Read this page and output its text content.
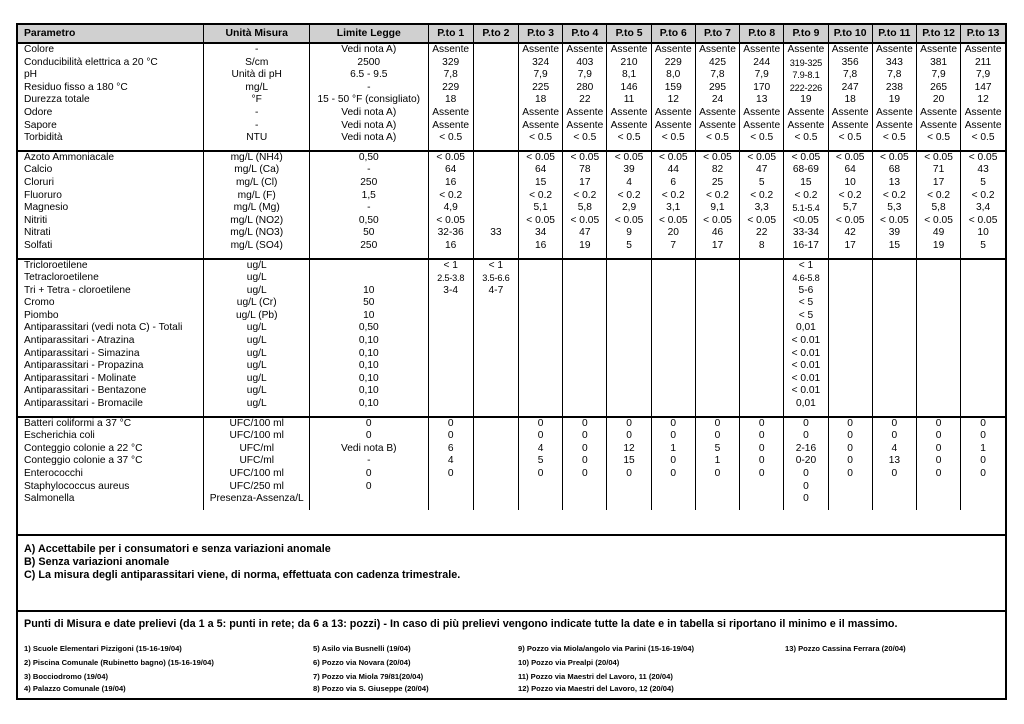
Parametro	Unità Misura	Limite Legge	P.to 1	P.to 2	P.to 3	P.to 4	P.to 5	P.to 6	P.to 7	P.to 8	P.to 9	P.to 10	P.to 11	P.to 12	P.to 13
Colore	-	Vedi nota A)	Assente		Assente	Assente	Assente	Assente	Assente	Assente	Assente	Assente	Assente	Assente	Assente
Conducibilità elettrica a 20 °C	S/cm	2500	329		324	403	210	229	425	244	319-325	356	343	381	211
pH	Unità di pH	6.5 - 9.5	7,8		7,9	7,9	8,1	8,0	7,8	7,9	7.9-8.1	7,8	7,8	7,9	7,9
Residuo fisso a 180 °C	mg/L	-	229		225	280	146	159	295	170	222-226	247	238	265	147
Durezza totale	°F	15 - 50 °F (consigliato)	18		18	22	11	12	24	13	19	18	19	20	12
Odore	-	Vedi nota A)	Assente		Assente	Assente	Assente	Assente	Assente	Assente	Assente	Assente	Assente	Assente	Assente
Sapore	-	Vedi nota A)	Assente		Assente	Assente	Assente	Assente	Assente	Assente	Assente	Assente	Assente	Assente	Assente
Torbidità	NTU	Vedi nota A)	< 0.5		< 0.5	< 0.5	< 0.5	< 0.5	< 0.5	< 0.5	< 0.5	< 0.5	< 0.5	< 0.5	< 0.5

Azoto Ammoniacale	mg/L (NH4)	0,50	< 0.05		< 0.05	< 0.05	< 0.05	< 0.05	< 0.05	< 0.05	< 0.05	< 0.05	< 0.05	< 0.05	< 0.05
Calcio	mg/L (Ca)	-	64		64	78	39	44	82	47	68-69	64	68	71	43
Cloruri	mg/L (Cl)	250	16		15	17	4	6	25	5	15	10	13	17	5
Fluoruro	mg/L (F)	1,5	< 0.2		< 0.2	< 0.2	< 0.2	< 0.2	< 0.2	< 0.2	< 0.2	< 0.2	< 0.2	< 0.2	< 0.2
Magnesio	mg/L (Mg)	-	4,9		5,1	5,8	2,9	3,1	9,1	3,3	5.1-5.4	5,7	5,3	5,8	3,4
Nitriti	mg/L (NO2)	0,50	< 0.05		< 0.05	< 0.05	< 0.05	< 0.05	< 0.05	< 0.05	<0.05	< 0.05	< 0.05	< 0.05	< 0.05
Nitrati	mg/L (NO3)	50	32-36	33	34	47	9	20	46	22	33-34	42	39	49	10
Solfati	mg/L (SO4)	250	16		16	19	5	7	17	8	16-17	17	15	19	5

Tricloroetilene	ug/L		< 1	< 1							< 1				
Tetracloroetilene	ug/L		2.5-3.8	3.5-6.6							4.6-5.8				
Tri + Tetra - cloroetilene	ug/L	10	3-4	4-7							5-6				
Cromo	ug/L (Cr)	50									< 5				
Piombo	ug/L (Pb)	10									< 5				
Antiparassitari (vedi nota C) - Totali	ug/L	0,50									0,01				
Antiparassitari - Atrazina	ug/L	0,10									< 0.01				
Antiparassitari - Simazina	ug/L	0,10									< 0.01				
Antiparassitari - Propazina	ug/L	0,10									< 0.01				
Antiparassitari - Molinate	ug/L	0,10									< 0.01				
Antiparassitari - Bentazone	ug/L	0,10									< 0.01				
Antiparassitari - Bromacile	ug/L	0,10									0,01				

Batteri coliformi a 37 °C	UFC/100 ml	0	0		0	0	0	0	0	0	0	0	0	0	0
Escherichia coli	UFC/100 ml	0	0		0	0	0	0	0	0	0	0	0	0	0
Conteggio colonie a 22 °C	UFC/ml	Vedi nota B)	6		4	0	12	1	5	0	2-16	0	4	0	1
Conteggio colonie a 37 °C	UFC/ml	-	4		5	0	15	0	1	0	0-20	0	13	0	0
Enterococchi	UFC/100 ml	0	0		0	0	0	0	0	0	0	0	0	0	0
Staphylococcus aureus	UFC/250 ml	0									0				
Salmonella	Presenza-Assenza/L										0				

A) Accettabile per i consumatori e senza variazioni anomale
B) Senza variazioni anomale
C) La misura degli antiparassitari viene, di norma, effettuata con cadenza trimestrale.
Punti di Misura e date prelievi (da 1 a 5: punti in rete; da 6 a 13: pozzi) - In caso di più prelievi vengono indicate tutte la date e in tabella si riportano il minimo e il massimo.
1) Scuole Elementari Pizzigoni (15-16-19/04)
2) Piscina Comunale (Rubinetto bagno) (15-16-19/04)
3) Bocciodromo (19/04)
4) Palazzo Comunale (19/04)
5) Asilo via Busnelli (19/04)
6) Pozzo via Novara (20/04)
7) Pozzo via Miola 79/81(20/04)
8) Pozzo via S. Giuseppe (20/04)
9) Pozzo via Miola/angolo via Parini (15-16-19/04)
10) Pozzo via Prealpi (20/04)
11) Pozzo via Maestri del Lavoro, 11 (20/04)
12) Pozzo via Maestri del Lavoro, 12 (20/04)
13) Pozzo Cassina Ferrara (20/04)
